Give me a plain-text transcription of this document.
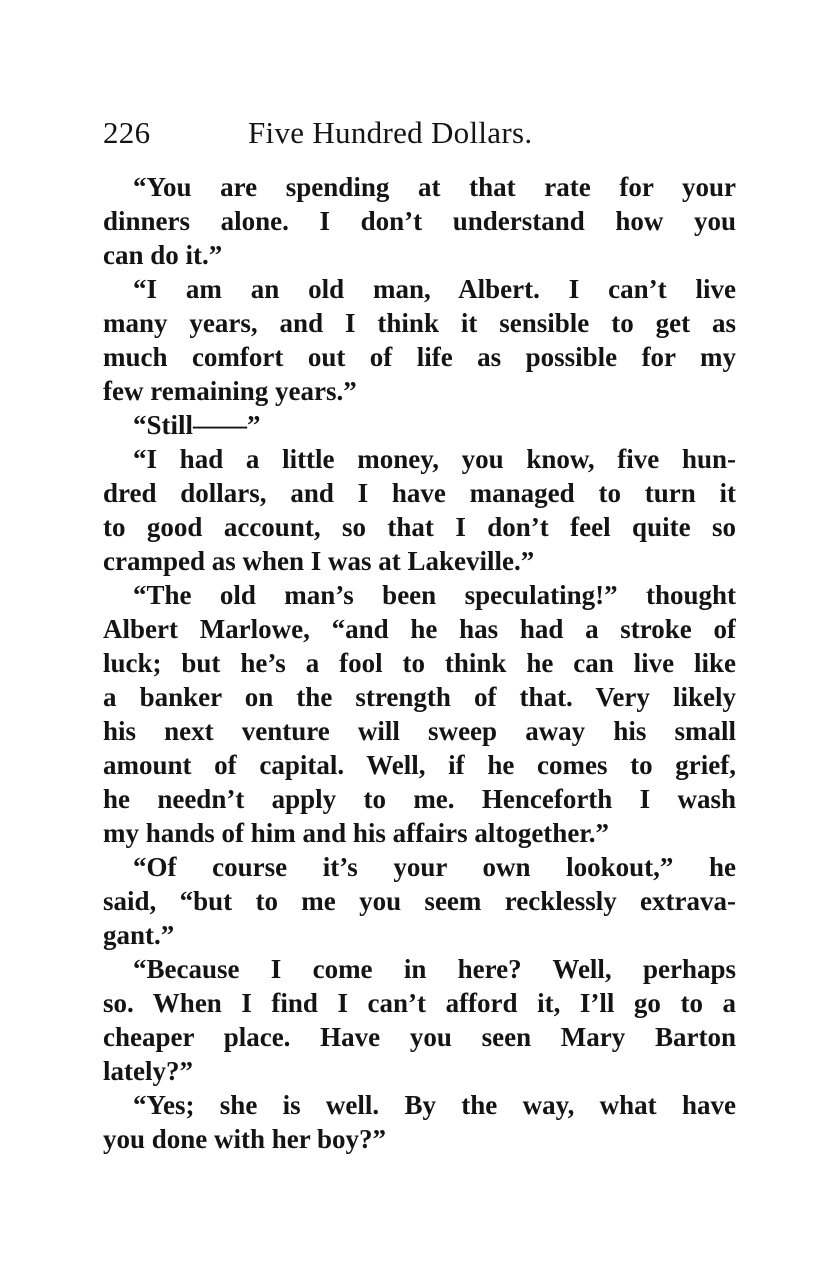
226	Five Hundred Dollars.
“You are spending at that rate for your
dinners alone. I don’t understand how you
can do it.”
“I am an old man, Albert. I can’t live
many years, and I think it sensible to get as
much comfort out of life as possible for my
few remaining years.”
“Still——”
“I had a little money, you know, five hun-
dred dollars, and I have managed to turn it
to good account, so that I don’t feel quite so
cramped as when I was at Lakeville.”
“The old man’s been speculating!” thought
Albert Marlowe, “and he has had a stroke of
luck; but he’s a fool to think he can live like
a banker on the strength of that. Very likely
his next venture will sweep away his small
amount of capital. Well, if he comes to grief,
he needn’t apply to me. Henceforth I wash
my hands of him and his affairs altogether.”
“Of course it’s your own lookout,” he
said, “but to me you seem recklessly extrava-
gant.”
“Because I come in here? Well, perhaps
so. When I find I can’t afford it, I’ll go to a
cheaper place. Have you seen Mary Barton
lately?”
“Yes; she is well. By the way, what have
you done with her boy?”
